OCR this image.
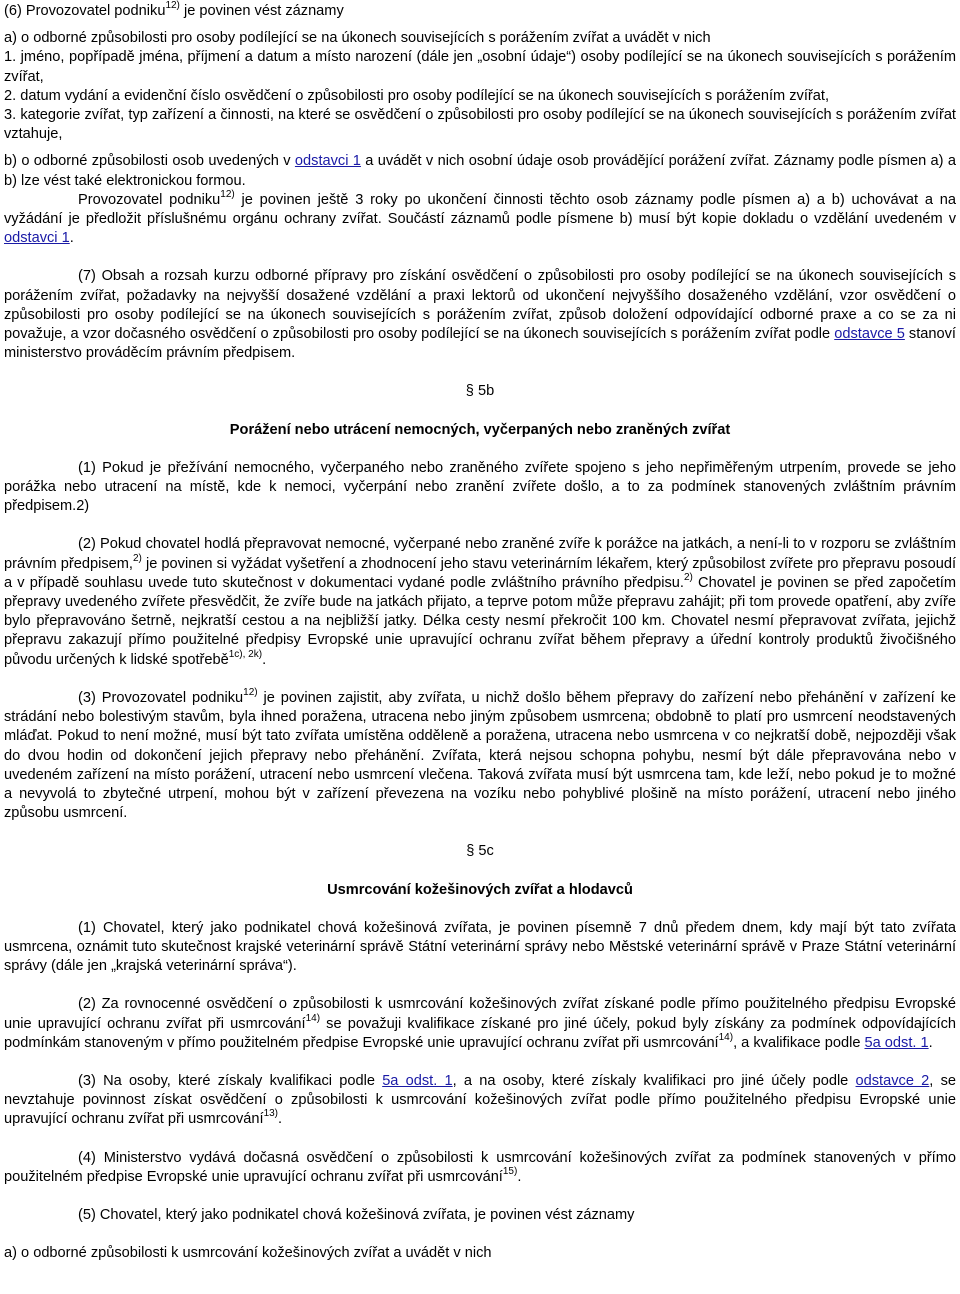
(6) Provozovatel podniku$^{12)}$ je povinen vést záznamy

a) o odborné způsobilosti pro osoby podílející se na úkonech souvisejících s porážením zvířat a uvádět v nich

1. jméno, popřípadě jména, příjmení a datum a místo narození (dále jen „osobní údaje“) osoby podílející se na úkonech souvisejících s porážením zvířat,

2. datum vydání a evidenční číslo osvědčení o způsobilosti pro osoby podílející se na úkonech souvisejících s porážením zvířat,

3. kategorie zvířat, typ zařízení a činnosti, na které se osvědčení o způsobilosti pro osoby podílející se na úkonech souvisejících s porážením zvířat vztahuje,

b) o odborné způsobilosti osob uvedených v odstavci 1 a uvádět v nich osobní údaje osob provádějící porážení zvířat. Záznamy podle písmen a) a b) lze vést také elektronickou formou.

Provozovatel podniku$^{12)}$ je povinen ještě 3 roky po ukončení činnosti těchto osob záznamy podle písmen a) a b) uchovávat a na vyžádání je předložit příslušnému orgánu ochrany zvířat. Součástí záznamů podle písmene b) musí být kopie dokladu o vzdělání uvedeném v odstavci 1.

(7) Obsah a rozsah kurzu odborné přípravy pro získání osvědčení o způsobilosti pro osoby podílející se na úkonech souvisejících s porážením zvířat, požadavky na nejvyšší dosažené vzdělání a praxi lektorů od ukončení nejvyššího dosaženého vzdělání, vzor osvědčení o způsobilosti pro osoby podílející se na úkonech souvisejících s porážením zvířat, způsob doložení odpovídající odborné praxe a co se za ni považuje, a vzor dočasného osvědčení o způsobilosti pro osoby podílející se na úkonech souvisejících s porážením zvířat podle odstavce 5 stanoví ministerstvo prováděcím právním předpisem.

§ 5b

Porážení nebo utrácení nemocných, vyčerpaných nebo zraněných zvířat

(1) Pokud je přežívání nemocného, vyčerpaného nebo zraněného zvířete spojeno s jeho nepřiměřeným utrpením, provede se jeho porážka nebo utracení na místě, kde k nemoci, vyčerpání nebo zranění zvířete došlo, a to za podmínek stanovených zvláštním právním předpisem.2)

(2) Pokud chovatel hodlá přepravovat nemocné, vyčerpané nebo zraněné zvíře k porážce na jatkách, a není-li to v rozporu se zvláštním právním předpisem,$^{2)}$ je povinen si vyžádat vyšetření a zhodnocení jeho stavu veterinárním lékařem, který způsobilost zvířete pro přepravu posoudí a v případě souhlasu uvede tuto skutečnost v dokumentaci vydané podle zvláštního právního předpisu.$^{2)}$ Chovatel je povinen se před započetím přepravy uvedeného zvířete přesvědčit, že zvíře bude na jatkách přijato, a teprve potom může přepravu zahájit; při tom provede opatření, aby zvíře bylo přepravováno šetrně, nejkratší cestou a na nejbližší jatky. Délka cesty nesmí překročit 100 km. Chovatel nesmí přepravovat zvířata, jejichž přepravu zakazují přímo použitelné předpisy Evropské unie upravující ochranu zvířat během přepravy a úřední kontroly produktů živočišného původu určených k lidské spotřebě$^{1c), 2k)}$.

(3) Provozovatel podniku$^{12)}$ je povinen zajistit, aby zvířata, u nichž došlo během přepravy do zařízení nebo přehánění v zařízení ke strádání nebo bolestivým stavům, byla ihned poražena, utracena nebo jiným způsobem usmrcena; obdobně to platí pro usmrcení neodstavených mláďat. Pokud to není možné, musí být tato zvířata umístěna odděleně a poražena, utracena nebo usmrcena v co nejkratší době, nejpozději však do dvou hodin od dokončení jejich přepravy nebo přehánění. Zvířata, která nejsou schopna pohybu, nesmí být dále přepravována nebo v uvedeném zařízení na místo porážení, utracení nebo usmrcení vlečena. Taková zvířata musí být usmrcena tam, kde leží, nebo pokud je to možné a nevyvolá to zbytečné utrpení, mohou být v zařízení převezena na vozíku nebo pohyblivé plošině na místo porážení, utracení nebo jiného způsobu usmrcení.

§ 5c

Usmrcování kožešinových zvířat a hlodavců

(1) Chovatel, který jako podnikatel chová kožešinová zvířata, je povinen písemně 7 dnů předem dnem, kdy mají být tato zvířata usmrcena, oznámit tuto skutečnost krajské veterinární správě Státní veterinární správy nebo Městské veterinární správě v Praze Státní veterinární správy (dále jen „krajská veterinární správa“).

(2) Za rovnocenné osvědčení o způsobilosti k usmrcování kožešinových zvířat získané podle přímo použitelného předpisu Evropské unie upravující ochranu zvířat při usmrcování$^{14)}$ se považuji kvalifikace získané pro jiné účely, pokud byly získány za podmínek odpovídajících podmínkám stanoveným v přímo použitelném předpise Evropské unie upravující ochranu zvířat při usmrcování$^{14)}$, a kvalifikace podle 5a odst. 1.

(3) Na osoby, které získaly kvalifikaci podle 5a odst. 1, a na osoby, které získaly kvalifikaci pro jiné účely podle odstavce 2, se nevztahuje povinnost získat osvědčení o způsobilosti k usmrcování kožešinových zvířat podle přímo použitelného předpisu Evropské unie upravující ochranu zvířat při usmrcování$^{13)}$.

(4) Ministerstvo vydává dočasná osvědčení o způsobilosti k usmrcování kožešinových zvířat za podmínek stanovených v přímo použitelném předpise Evropské unie upravující ochranu zvířat při usmrcování$^{15)}$.

(5) Chovatel, který jako podnikatel chová kožešinová zvířata, je povinen vést záznamy

a) o odborné způsobilosti k usmrcování kožešinových zvířat a uvádět v nich
